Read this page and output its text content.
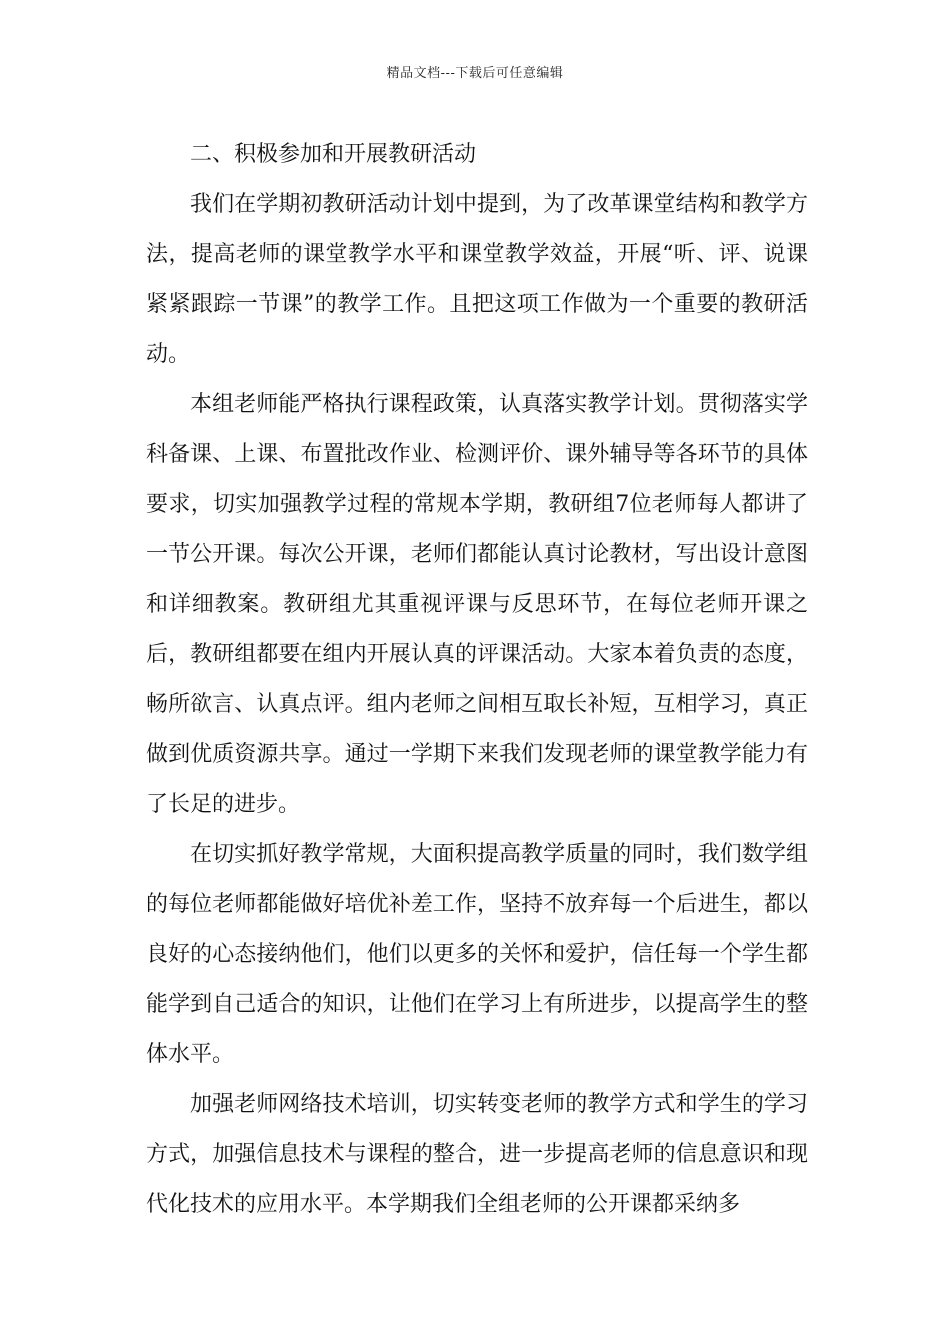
精品文档---下载后可任意编辑
二、积极参加和开展教研活动

我们在学期初教研活动计划中提到，为了改革课堂结构和教学方法，提高老师的课堂教学水平和课堂教学效益，开展“听、评、说课紧紧跟踪一节课”的教学工作。且把这项工作做为一个重要的教研活动。

本组老师能严格执行课程政策，认真落实教学计划。贯彻落实学科备课、上课、布置批改作业、检测评价、课外辅导等各环节的具体要求，切实加强教学过程的常规本学期，教研组7位老师每人都讲了一节公开课。每次公开课，老师们都能认真讨论教材，写出设计意图和详细教案。教研组尤其重视评课与反思环节，在每位老师开课之后，教研组都要在组内开展认真的评课活动。大家本着负责的态度，畅所欲言、认真点评。组内老师之间相互取长补短，互相学习，真正做到优质资源共享。通过一学期下来我们发现老师的课堂教学能力有了长足的进步。

在切实抓好教学常规，大面积提高教学质量的同时，我们数学组的每位老师都能做好培优补差工作，坚持不放弃每一个后进生，都以良好的心态接纳他们，他们以更多的关怀和爱护，信任每一个学生都能学到自己适合的知识，让他们在学习上有所进步，以提高学生的整体水平。

加强老师网络技术培训，切实转变老师的教学方式和学生的学习方式，加强信息技术与课程的整合，进一步提高老师的信息意识和现代化技术的应用水平。本学期我们全组老师的公开课都采纳多
